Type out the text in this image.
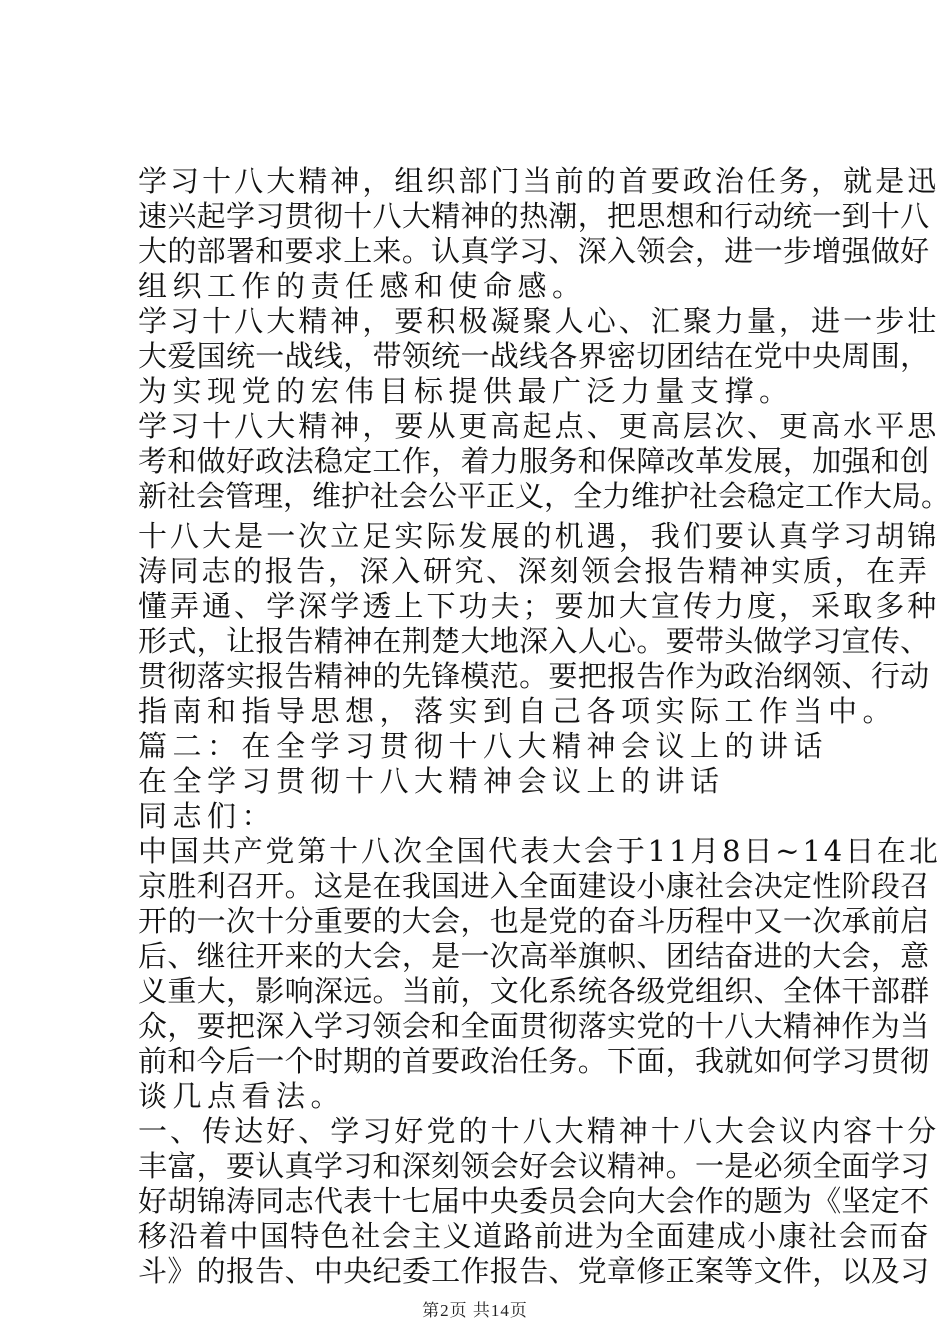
学习十八大精神，组织部门当前的首要政治任务，就是迅

速兴起学习贯彻十八大精神的热潮，把思想和行动统一到十八

大的部署和要求上来。认真学习、深入领会，进一步增强做好

组织工作的责任感和使命感。

学习十八大精神，要积极凝聚人心、汇聚力量，进一步壮

大爱国统一战线，带领统一战线各界密切团结在党中央周围，

为实现党的宏伟目标提供最广泛力量支撑。

学习十八大精神，要从更高起点、更高层次、更高水平思

考和做好政法稳定工作，着力服务和保障改革发展，加强和创

新社会管理，维护社会公平正义，全力维护社会稳定工作大局。

十八大是一次立足实际发展的机遇，我们要认真学习胡锦

涛同志的报告，深入研究、深刻领会报告精神实质，在弄

懂弄通、学深学透上下功夫；要加大宣传力度，采取多种

形式，让报告精神在荆楚大地深入人心。要带头做学习宣传、

贯彻落实报告精神的先锋模范。要把报告作为政治纲领、行动

指南和指导思想，落实到自己各项实际工作当中。

篇二：在全学习贯彻十八大精神会议上的讲话

在全学习贯彻十八大精神会议上的讲话

同志们：

中国共产党第十八次全国代表大会于11月8日~14日在北

京胜利召开。这是在我国进入全面建设小康社会决定性阶段召

开的一次十分重要的大会，也是党的奋斗历程中又一次承前启

后、继往开来的大会，是一次高举旗帜、团结奋进的大会，意

义重大，影响深远。当前，文化系统各级党组织、全体干部群

众，要把深入学习领会和全面贯彻落实党的十八大精神作为当

前和今后一个时期的首要政治任务。下面，我就如何学习贯彻

谈几点看法。

一、传达好、学习好党的十八大精神十八大会议内容十分

丰富，要认真学习和深刻领会好会议精神。一是必须全面学习

好胡锦涛同志代表十七届中央委员会向大会作的题为《坚定不

移沿着中国特色社会主义道路前进为全面建成小康社会而奋

斗》的报告、中央纪委工作报告、党章修正案等文件，以及习

第2页 共14页
